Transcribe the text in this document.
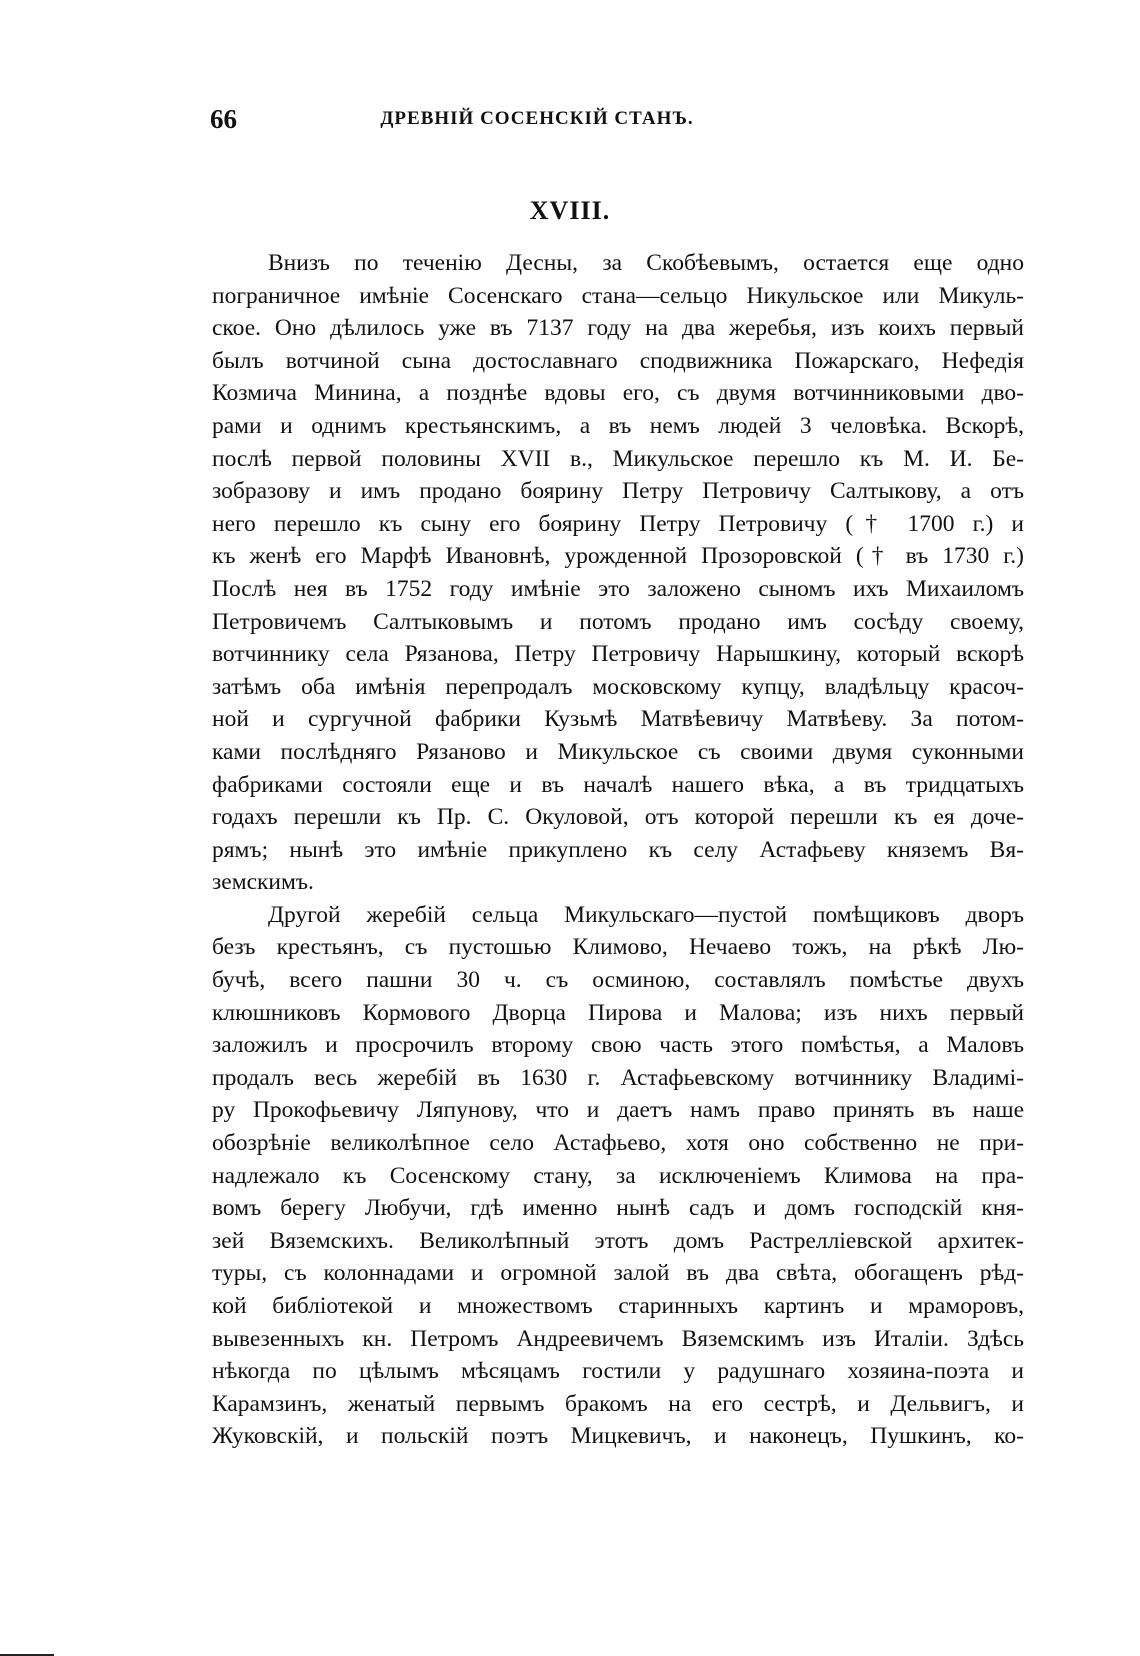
66	ДРЕВНІЙ СОСЕНСКІЙ СТАНЪ.
XVIII.
Внизъ по теченію Десны, за Скобѣевымъ, остается еще одно
пограничное имѣніе Сосенскаго стана—сельцо Никульское или Микуль-
ское. Оно дѣлилось уже въ 7137 году на два жеребья, изъ коихъ первый
былъ вотчиной сына достославнаго сподвижника Пожарскаго, Нефедія
Козмича Минина, а позднѣе вдовы его, съ двумя вотчинниковыми дво-
рами и однимъ крестьянскимъ, а въ немъ людей 3 человѣка. Вскорѣ,
послѣ первой половины XVII в., Микульское перешло къ М. И. Бе-
зобразову и имъ продано боярину Петру Петровичу Салтыкову, а отъ
него перешло къ сыну его боярину Петру Петровичу († 1700 г.) и
къ женѣ его Марфѣ Ивановнѣ, урожденной Прозоровской († въ 1730 г.)
Послѣ нея въ 1752 году имѣніе это заложено сыномъ ихъ Михаиломъ
Петровичемъ Салтыковымъ и потомъ продано имъ сосѣду своему,
вотчиннику села Рязанова, Петру Петровичу Нарышкину, который вскорѣ
затѣмъ оба имѣнія перепродалъ московскому купцу, владѣльцу красоч-
ной и сургучной фабрики Кузьмѣ Матвѣевичу Матвѣеву. За потом-
ками послѣдняго Рязаново и Микульское съ своими двумя суконными
фабриками состояли еще и въ началѣ нашего вѣка, а въ тридцатыхъ
годахъ перешли къ Пр. С. Окуловой, отъ которой перешли къ ея доче-
рямъ; нынѣ это имѣніе прикуплено къ селу Астафьеву княземъ Вя-
земскимъ.
Другой жеребій сельца Микульскаго—пустой помѣщиковъ дворъ
безъ крестьянъ, съ пустошью Климово, Нечаево тожъ, на рѣкѣ Лю-
бучѣ, всего пашни 30 ч. съ осминою, составлялъ помѣстье двухъ
клюшниковъ Кормового Дворца Пирова и Малова; изъ нихъ первый
заложилъ и просрочилъ второму свою часть этого помѣстья, а Маловъ
продалъ весь жеребій въ 1630 г. Астафьевскому вотчиннику Владимі-
ру Прокофьевичу Ляпунову, что и даетъ намъ право принять въ наше
обозрѣніе великолѣпное село Астафьево, хотя оно собственно не при-
надлежало къ Сосенскому стану, за исключеніемъ Климова на пра-
вомъ берегу Любучи, гдѣ именно нынѣ садъ и домъ господскій кня-
зей Вяземскихъ. Великолѣпный этотъ домъ Растреллiевской архитек-
туры, съ колоннадами и огромной залой въ два свѣта, обогащенъ рѣд-
кой библіотекой и множествомъ старинныхъ картинъ и мраморовъ,
вывезенныхъ кн. Петромъ Андреевичемъ Вяземскимъ изъ Италіи. Здѣсь
нѣкогда по цѣлымъ мѣсяцамъ гостили у радушнаго хозяина-поэта и
Карамзинъ, женатый первымъ бракомъ на его сестрѣ, и Дельвигъ, и
Жуковскій, и польскій поэтъ Мицкевичъ, и наконецъ, Пушкинъ, ко-
